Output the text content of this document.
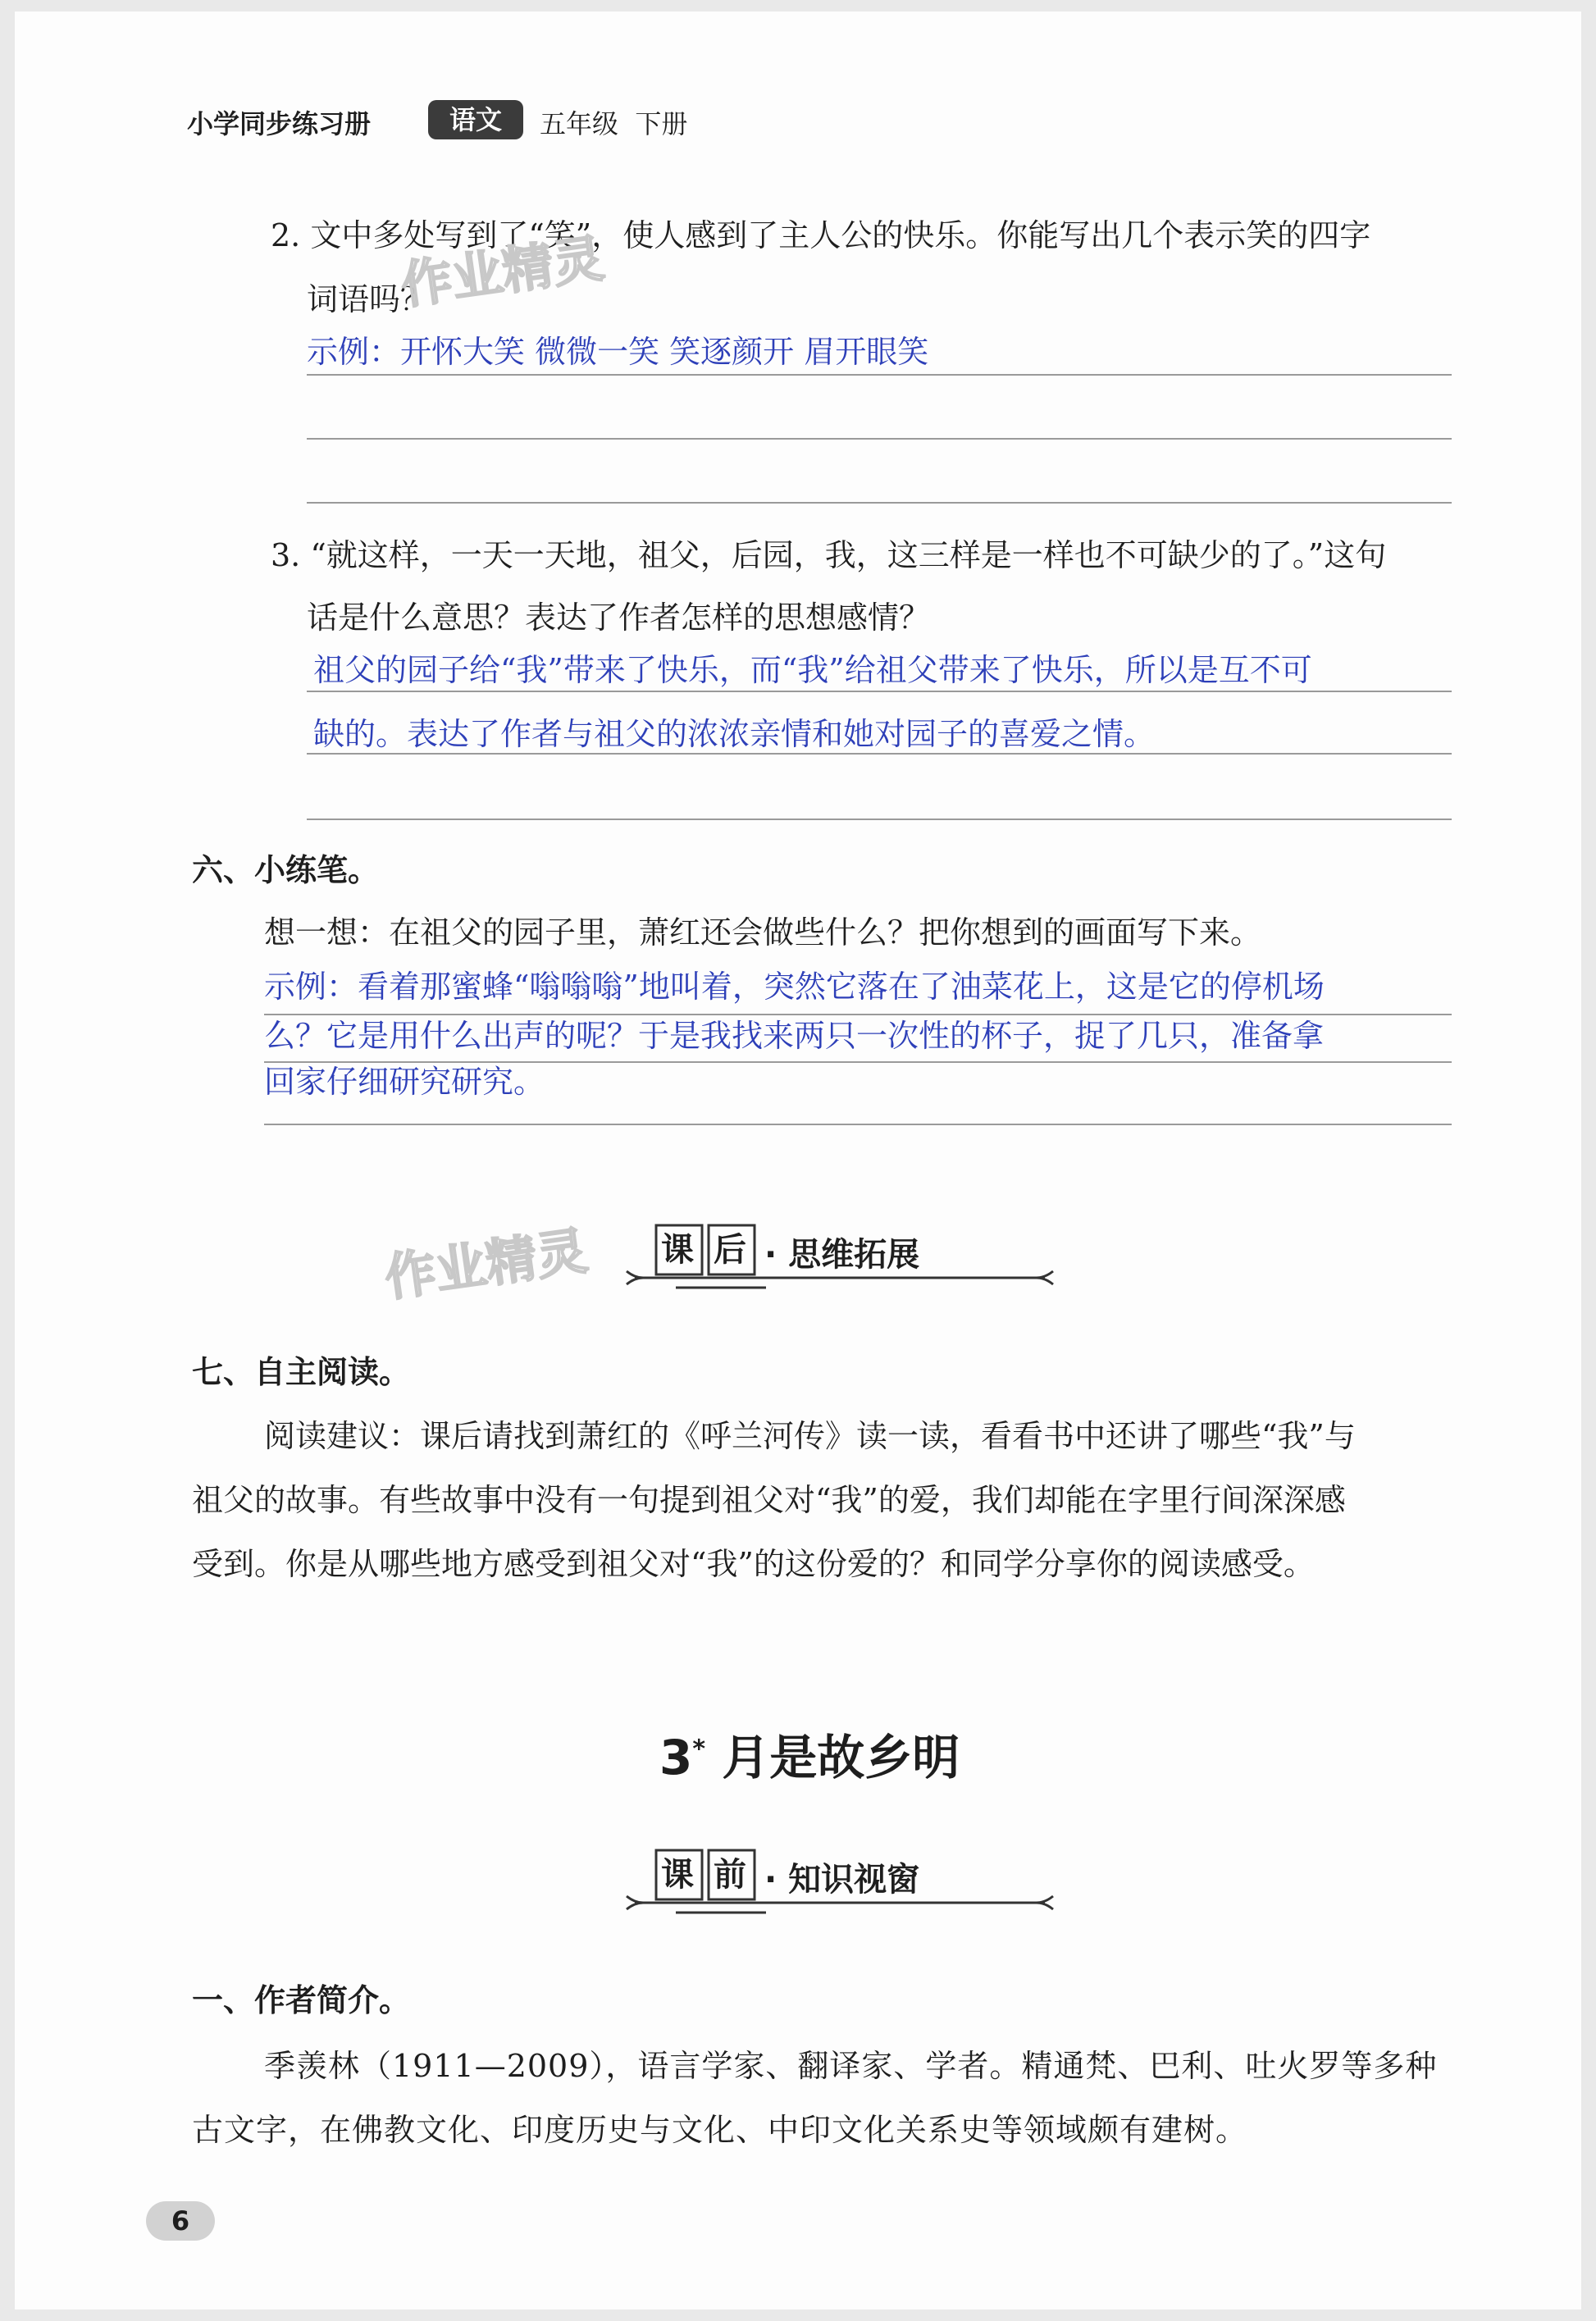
小学同步练习册	语文	五年级 下册
2. 文中多处写到了“笑”，使人感到了主人公的快乐。你能写出几个表示笑的四字
词语吗？
作业精灵
示例：开怀大笑 微微一笑 笑逐颜开 眉开眼笑
3. “就这样，一天一天地，祖父，后园，我，这三样是一样也不可缺少的了。”这句
话是什么意思？表达了作者怎样的思想感情？
祖父的园子给“我”带来了快乐，而“我”给祖父带来了快乐，所以是互不可
缺的。表达了作者与祖父的浓浓亲情和她对园子的喜爱之情。
六、小练笔。
想一想：在祖父的园子里，萧红还会做些什么？把你想到的画面写下来。
示例：看着那蜜蜂“嗡嗡嗡”地叫着，突然它落在了油菜花上，这是它的停机场
么？它是用什么出声的呢？于是我找来两只一次性的杯子，捉了几只，准备拿
回家仔细研究研究。
作业精灵 课 后 · 思维拓展
七、自主阅读。
阅读建议：课后请找到萧红的《呼兰河传》读一读，看看书中还讲了哪些“我”与
祖父的故事。有些故事中没有一句提到祖父对“我”的爱，我们却能在字里行间深深感
受到。你是从哪些地方感受到祖父对“我”的这份爱的？和同学分享你的阅读感受。
3* 月是故乡明
课 前 · 知识视窗
一、作者简介。
季羡林（1911—2009），语言学家、翻译家、学者。精通梵、巴利、吐火罗等多种
古文字，在佛教文化、印度历史与文化、中印文化关系史等领域颇有建树。
6
